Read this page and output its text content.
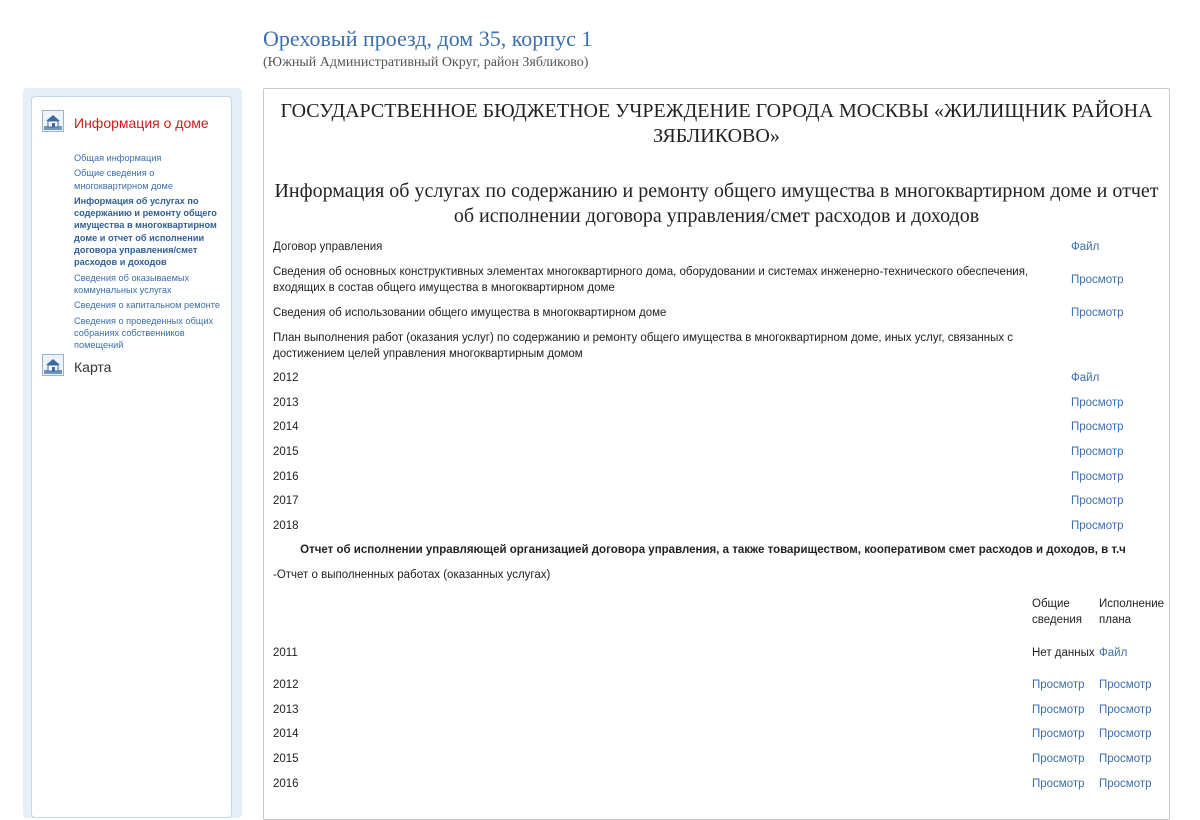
Ореховый проезд, дом 35, корпус 1
(Южный Административный Округ, район Зябликово)
Информация о доме
Общая информация
Общие сведения о многоквартирном доме
Информация об услугах по содержанию и ремонту общего имущества в многоквартирном доме и отчет об исполнении договора управления/смет расходов и доходов
Сведения об оказываемых коммунальных услугах
Сведения о капитальном ремонте
Сведения о проведенных общих собраниях собственников помещений
Карта
ГОСУДАРСТВЕННОЕ БЮДЖЕТНОЕ УЧРЕЖДЕНИЕ ГОРОДА МОСКВЫ «ЖИЛИЩНИК РАЙОНА ЗЯБЛИКОВО»
Информация об услугах по содержанию и ремонту общего имущества в многоквартирном доме и отчет об исполнении договора управления/смет расходов и доходов
Договор управления	Файл
Сведения об основных конструктивных элементах многоквартирного дома, оборудовании и системах инженерно-технического обеспечения, входящих в состав общего имущества в многоквартирном доме	Просмотр
Сведения об использовании общего имущества в многоквартирном доме	Просмотр
План выполнения работ (оказания услуг) по содержанию и ремонту общего имущества в многоквартирном доме, иных услуг, связанных с достижением целей управления многоквартирным домом	
2012	Файл
2013	Просмотр
2014	Просмотр
2015	Просмотр
2016	Просмотр
2017	Просмотр
2018	Просмотр
Отчет об исполнении управляющей организацией договора управления, а также товариществом, кооперативом смет расходов и доходов, в т.ч	
-Отчет о выполненных работах (оказанных услугах)	
	Общие сведения	Исполнение плана
2011	Нет данных	Файл
2012	Просмотр	Просмотр
2013	Просмотр	Просмотр
2014	Просмотр	Просмотр
2015	Просмотр	Просмотр
2016	Просмотр	Просмотр
